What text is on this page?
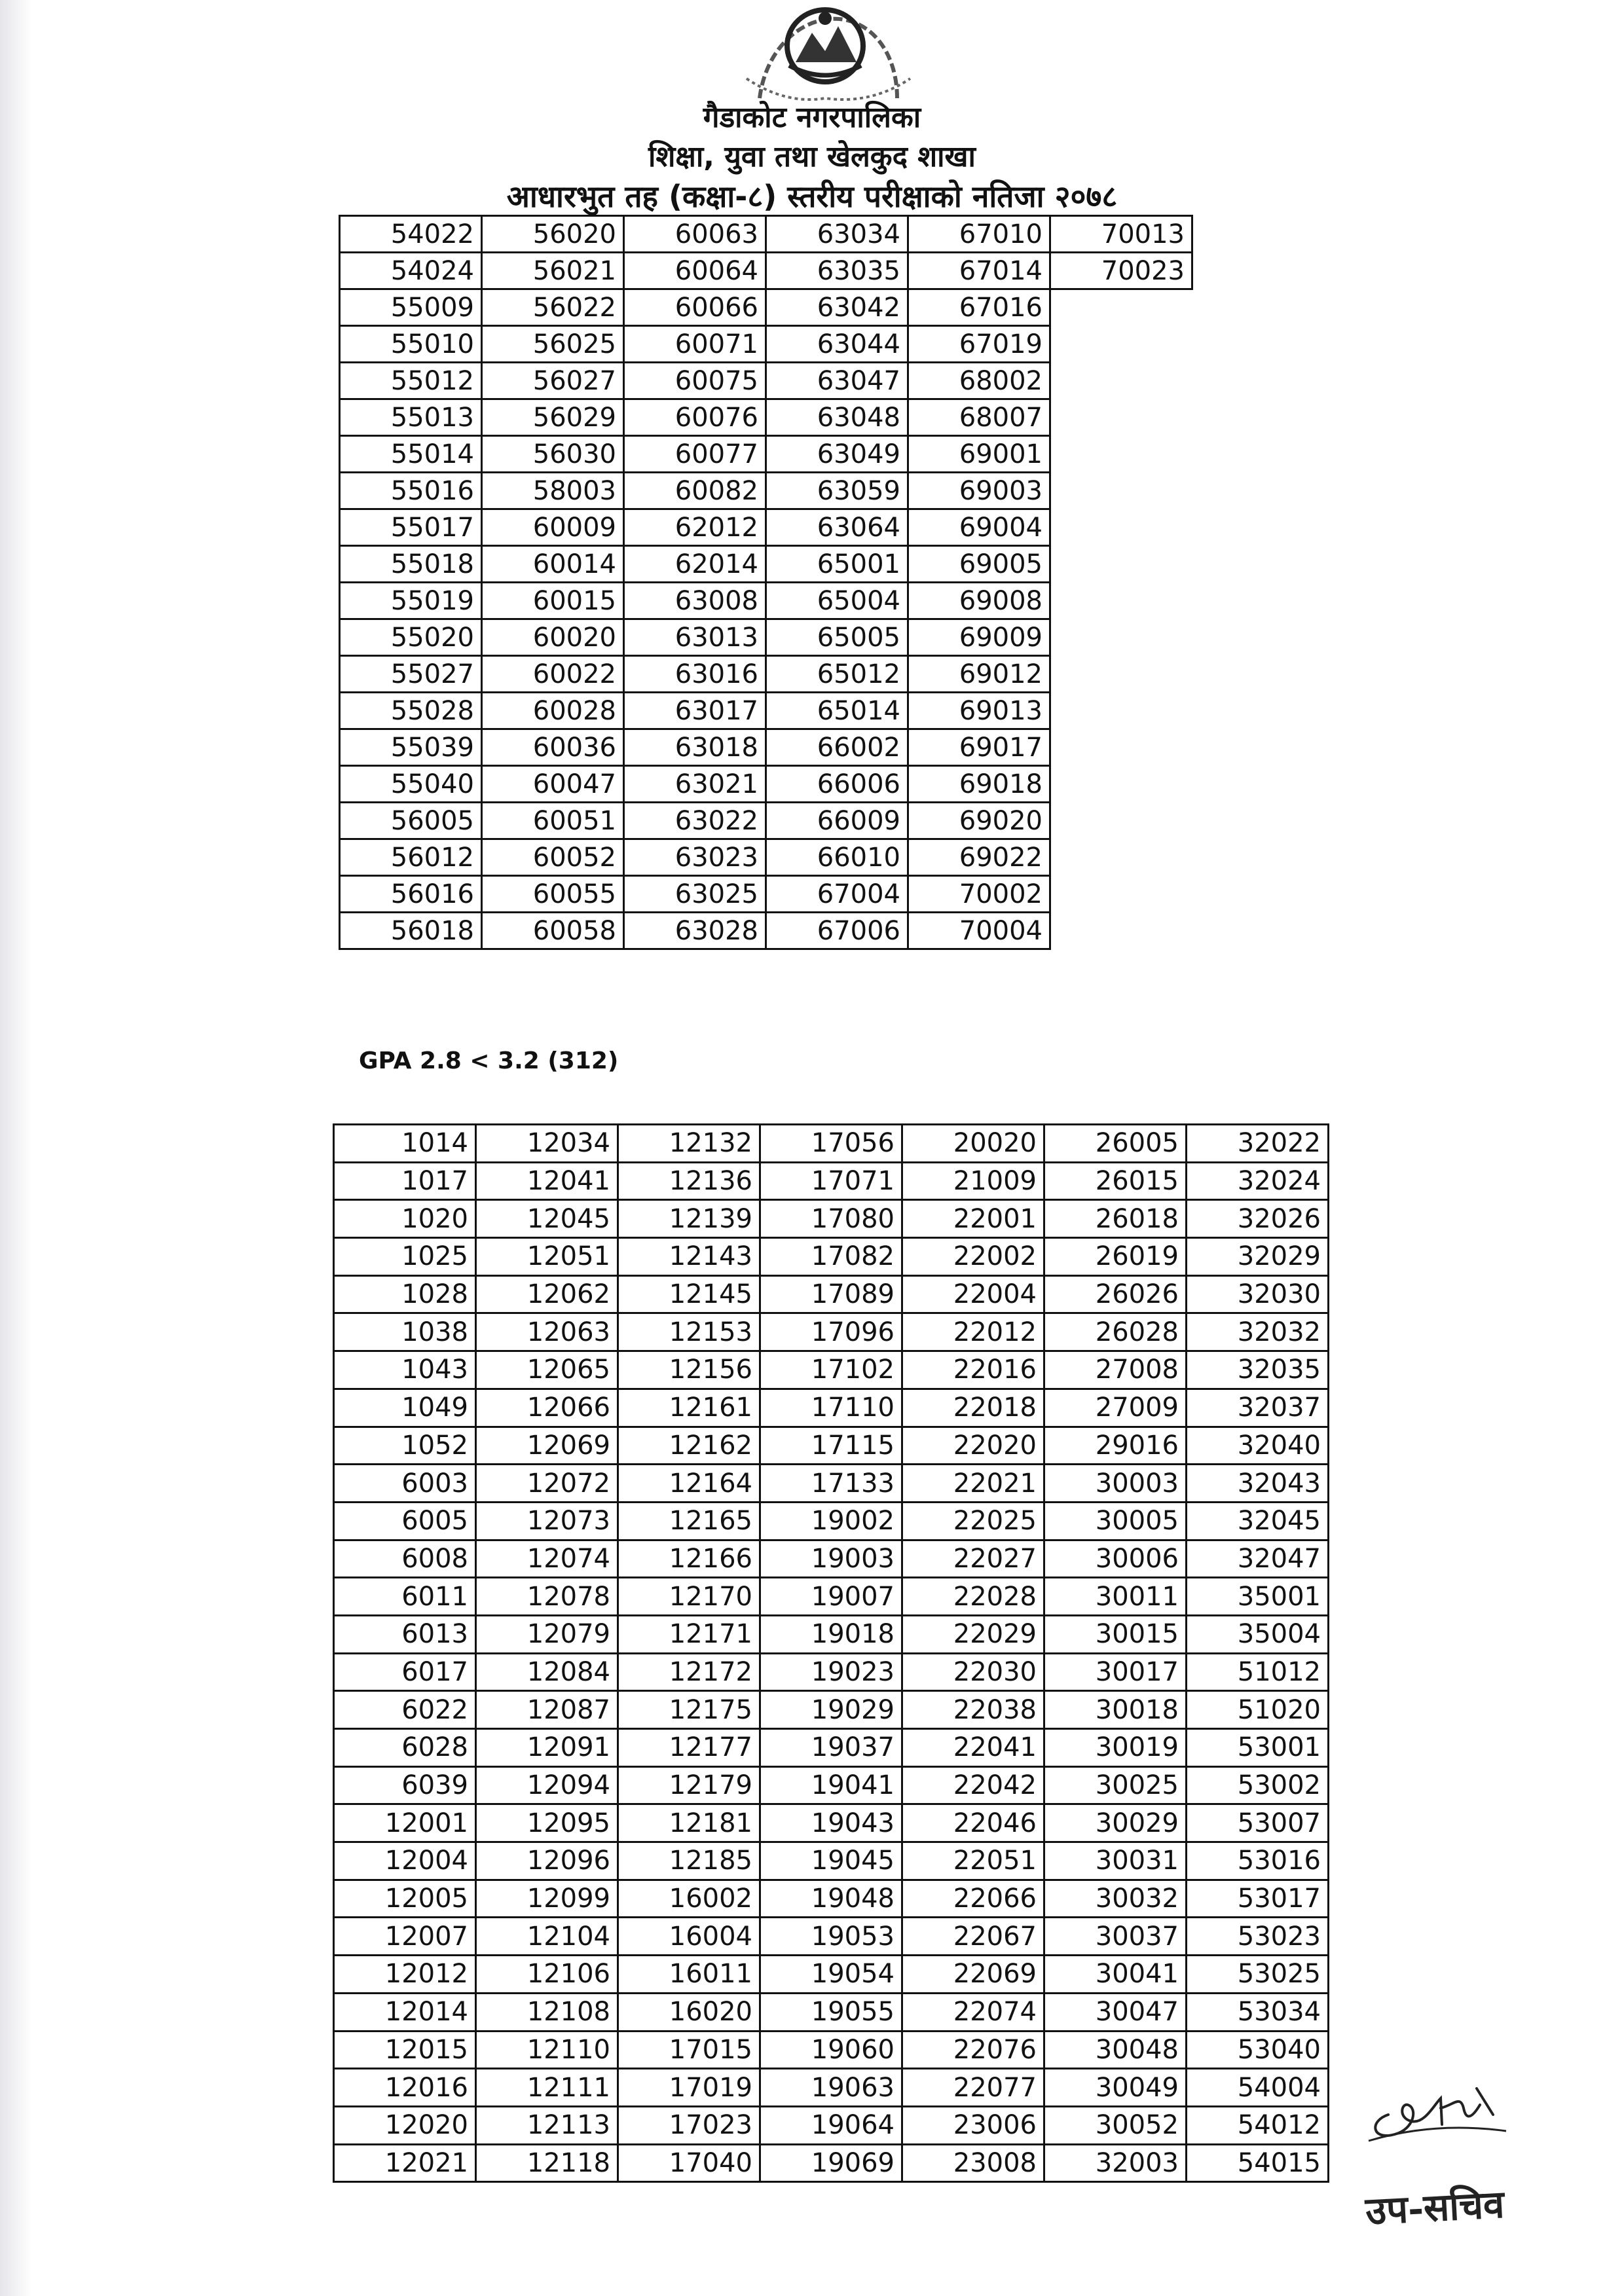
गैडाकोट नगरपालिका
शिक्षा, युवा तथा खेलकुद शाखा
आधारभुत तह (कक्षा-८) स्तरीय परीक्षाको नतिजा २०७८
54022	56020	60063	63034	67010	70013
54024	56021	60064	63035	67014	70023
55009	56022	60066	63042	67016	
55010	56025	60071	63044	67019	
55012	56027	60075	63047	68002	
55013	56029	60076	63048	68007	
55014	56030	60077	63049	69001	
55016	58003	60082	63059	69003	
55017	60009	62012	63064	69004	
55018	60014	62014	65001	69005	
55019	60015	63008	65004	69008	
55020	60020	63013	65005	69009	
55027	60022	63016	65012	69012	
55028	60028	63017	65014	69013	
55039	60036	63018	66002	69017	
55040	60047	63021	66006	69018	
56005	60051	63022	66009	69020	
56012	60052	63023	66010	69022	
56016	60055	63025	67004	70002	
56018	60058	63028	67006	70004	
GPA 2.8 < 3.2 (312)
1014	12034	12132	17056	20020	26005	32022
1017	12041	12136	17071	21009	26015	32024
1020	12045	12139	17080	22001	26018	32026
1025	12051	12143	17082	22002	26019	32029
1028	12062	12145	17089	22004	26026	32030
1038	12063	12153	17096	22012	26028	32032
1043	12065	12156	17102	22016	27008	32035
1049	12066	12161	17110	22018	27009	32037
1052	12069	12162	17115	22020	29016	32040
6003	12072	12164	17133	22021	30003	32043
6005	12073	12165	19002	22025	30005	32045
6008	12074	12166	19003	22027	30006	32047
6011	12078	12170	19007	22028	30011	35001
6013	12079	12171	19018	22029	30015	35004
6017	12084	12172	19023	22030	30017	51012
6022	12087	12175	19029	22038	30018	51020
6028	12091	12177	19037	22041	30019	53001
6039	12094	12179	19041	22042	30025	53002
12001	12095	12181	19043	22046	30029	53007
12004	12096	12185	19045	22051	30031	53016
12005	12099	16002	19048	22066	30032	53017
12007	12104	16004	19053	22067	30037	53023
12012	12106	16011	19054	22069	30041	53025
12014	12108	16020	19055	22074	30047	53034
12015	12110	17015	19060	22076	30048	53040
12016	12111	17019	19063	22077	30049	54004
12020	12113	17023	19064	23006	30052	54012
12021	12118	17040	19069	23008	32003	54015
उप-सचिव
